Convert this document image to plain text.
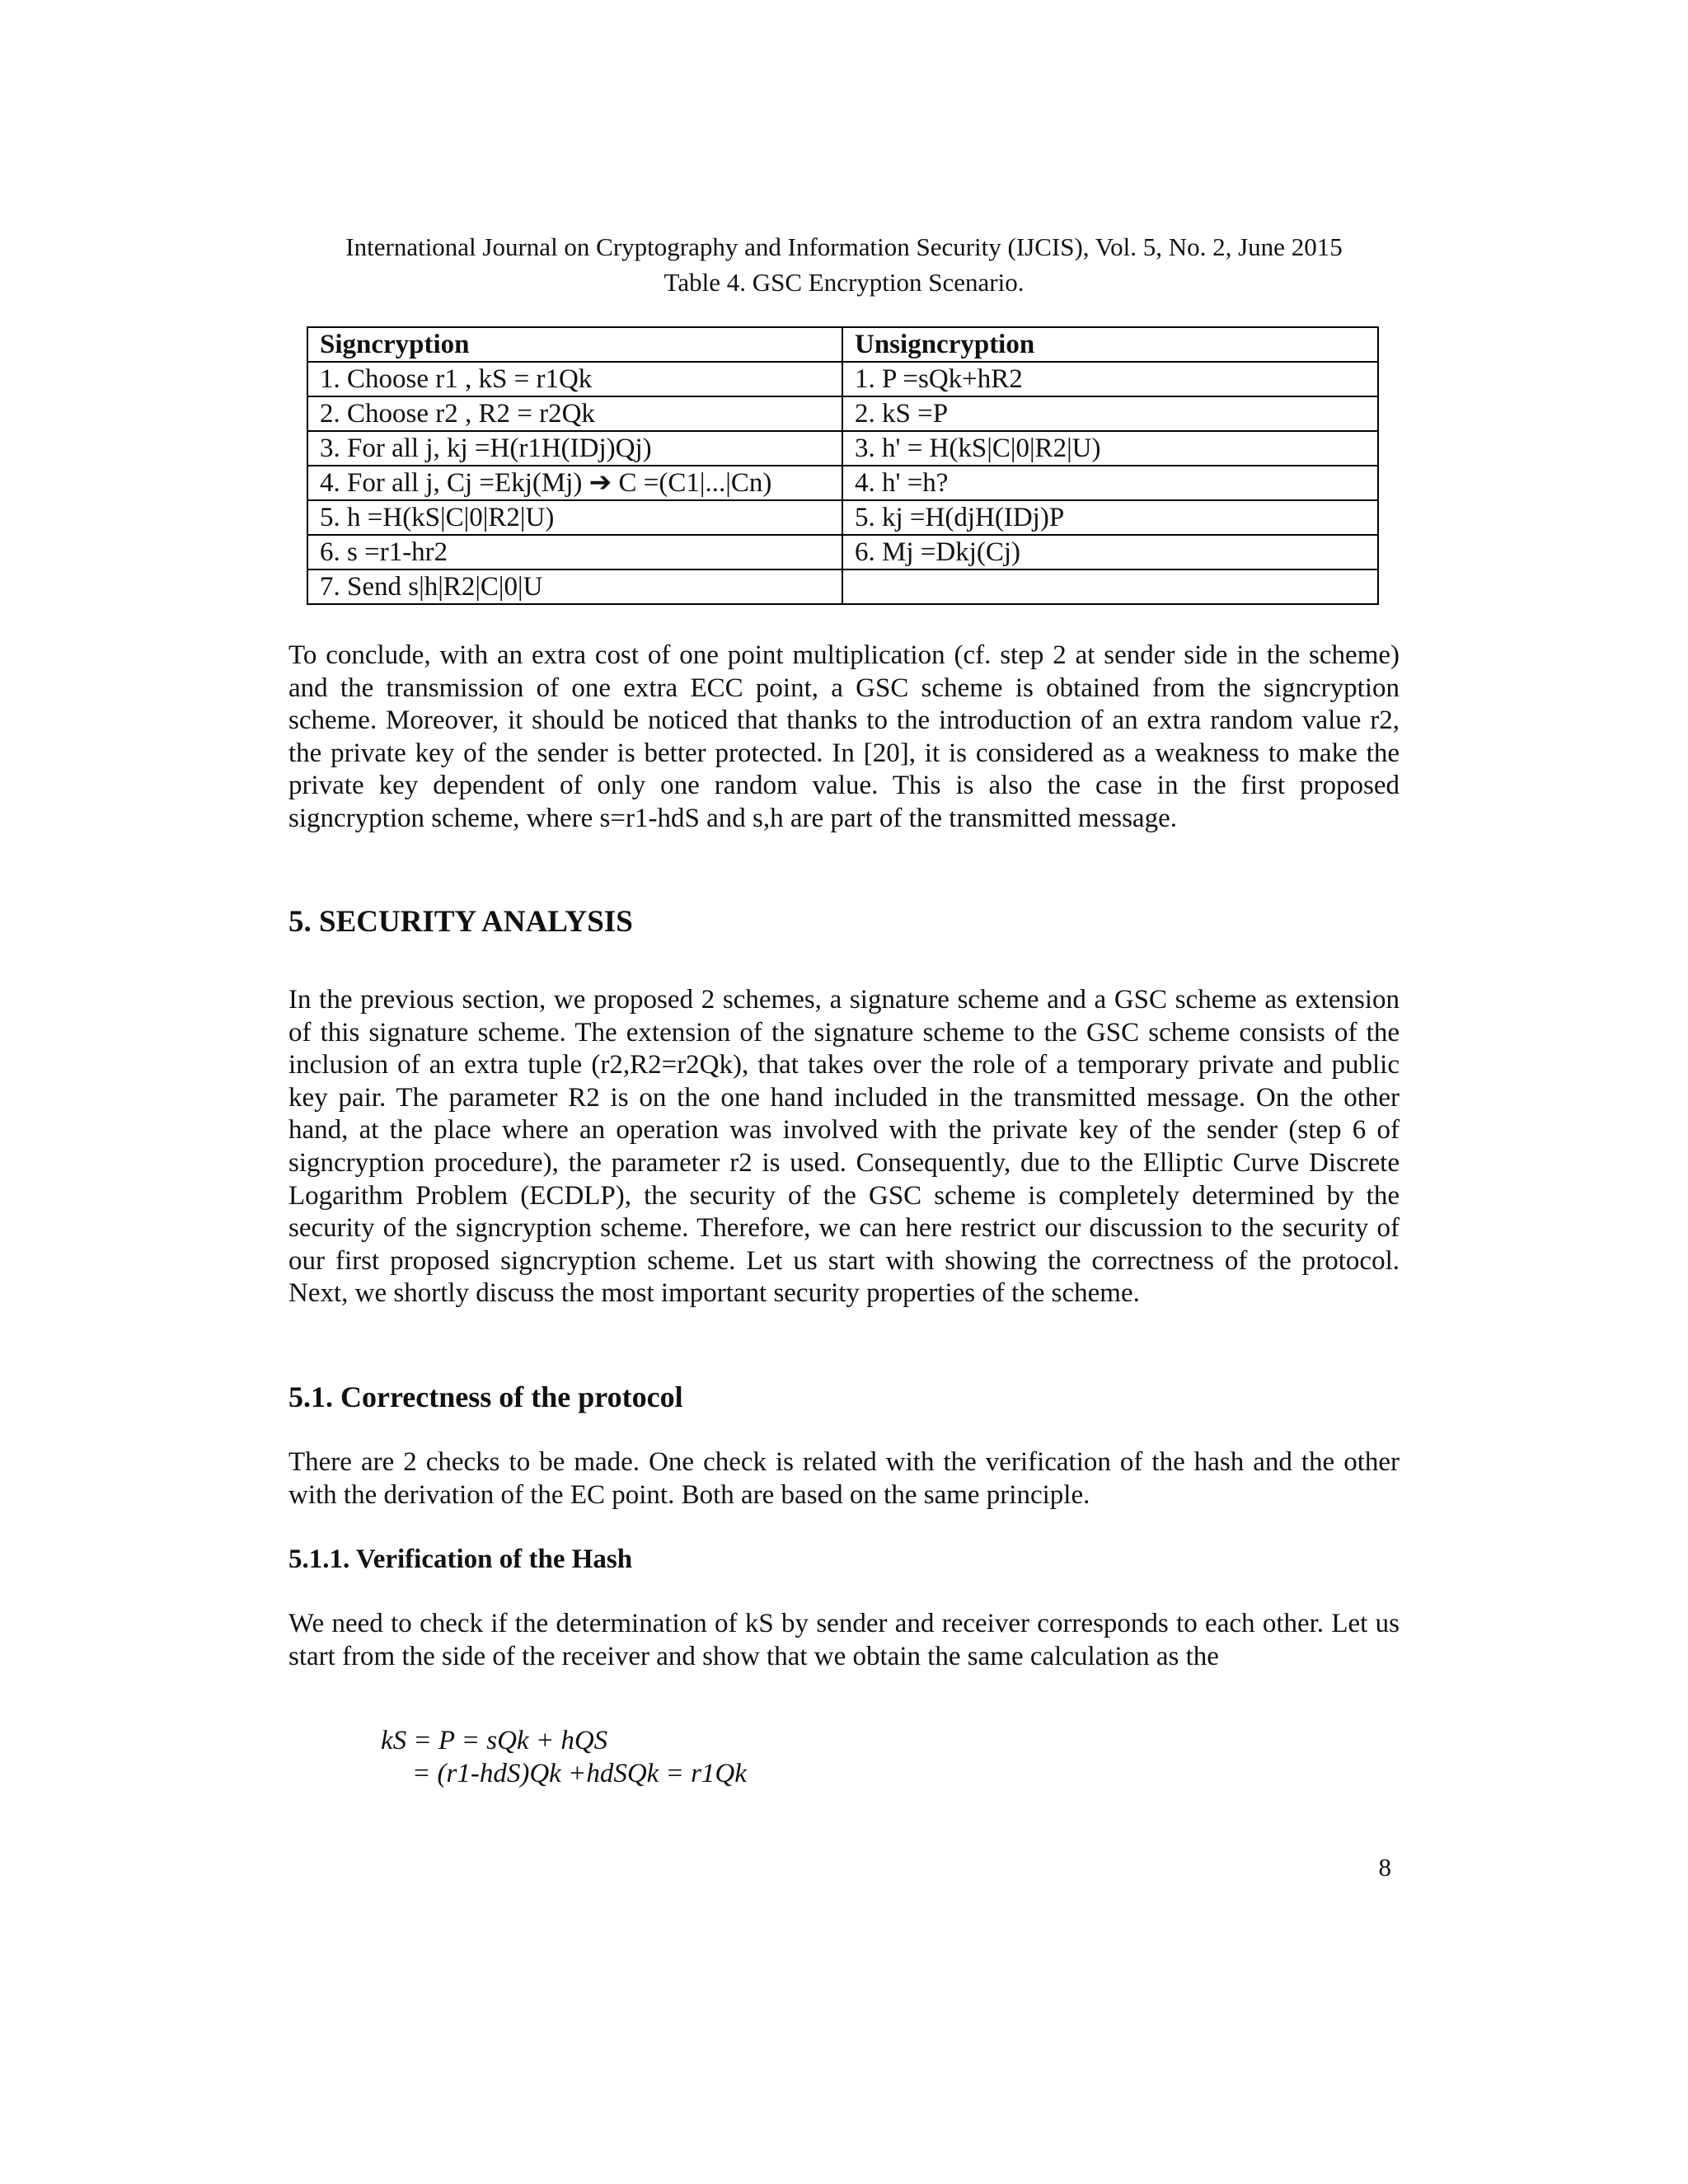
International Journal on Cryptography and Information Security (IJCIS), Vol. 5, No. 2, June 2015
Table 4. GSC Encryption Scenario.
Signcryption	Unsigncryption
1. Choose r1 , kS = r1Qk	1. P =sQk+hR2
2. Choose r2 , R2 = r2Qk	2. kS =P
3. For all j, kj =H(r1H(IDj)Qj)	3. h' = H(kS|C|0|R2|U)
4. For all j, Cj =Ekj(Mj) ➔ C =(C1|...|Cn)	4. h' =h?
5. h =H(kS|C|0|R2|U)	5. kj =H(djH(IDj)P
6. s =r1-hr2	6. Mj =Dkj(Cj)
7. Send s|h|R2|C|0|U	

To conclude, with an extra cost of one point multiplication (cf. step 2 at sender side in the scheme) and the transmission of one extra ECC point, a GSC scheme is obtained from the signcryption scheme. Moreover, it should be noticed that thanks to the introduction of an extra random value r2, the private key of the sender is better protected. In [20], it is considered as a weakness to make the private key dependent of only one random value. This is also the case in the first proposed signcryption scheme, where s=r1-hdS and s,h are part of the transmitted message.

5. SECURITY ANALYSIS

In the previous section, we proposed 2 schemes, a signature scheme and a GSC scheme as extension of this signature scheme. The extension of the signature scheme to the GSC scheme consists of the inclusion of an extra tuple (r2,R2=r2Qk), that takes over the role of a temporary private and public key pair. The parameter R2 is on the one hand included in the transmitted message. On the other hand, at the place where an operation was involved with the private key of the sender (step 6 of signcryption procedure), the parameter r2 is used. Consequently, due to the Elliptic Curve Discrete Logarithm Problem (ECDLP), the security of the GSC scheme is completely determined by the security of the signcryption scheme. Therefore, we can here restrict our discussion to the security of our first proposed signcryption scheme. Let us start with showing the correctness of the protocol. Next, we shortly discuss the most important security properties of the scheme.

5.1. Correctness of the protocol

There are 2 checks to be made. One check is related with the verification of the hash and the other with the derivation of the EC point. Both are based on the same principle.

5.1.1. Verification of the Hash

We need to check if the determination of kS by sender and receiver corresponds to each other. Let us start from the side of the receiver and show that we obtain the same calculation as the

kS = P = sQk + hQS
= (r1-hdS)Qk +hdSQk = r1Qk
8
